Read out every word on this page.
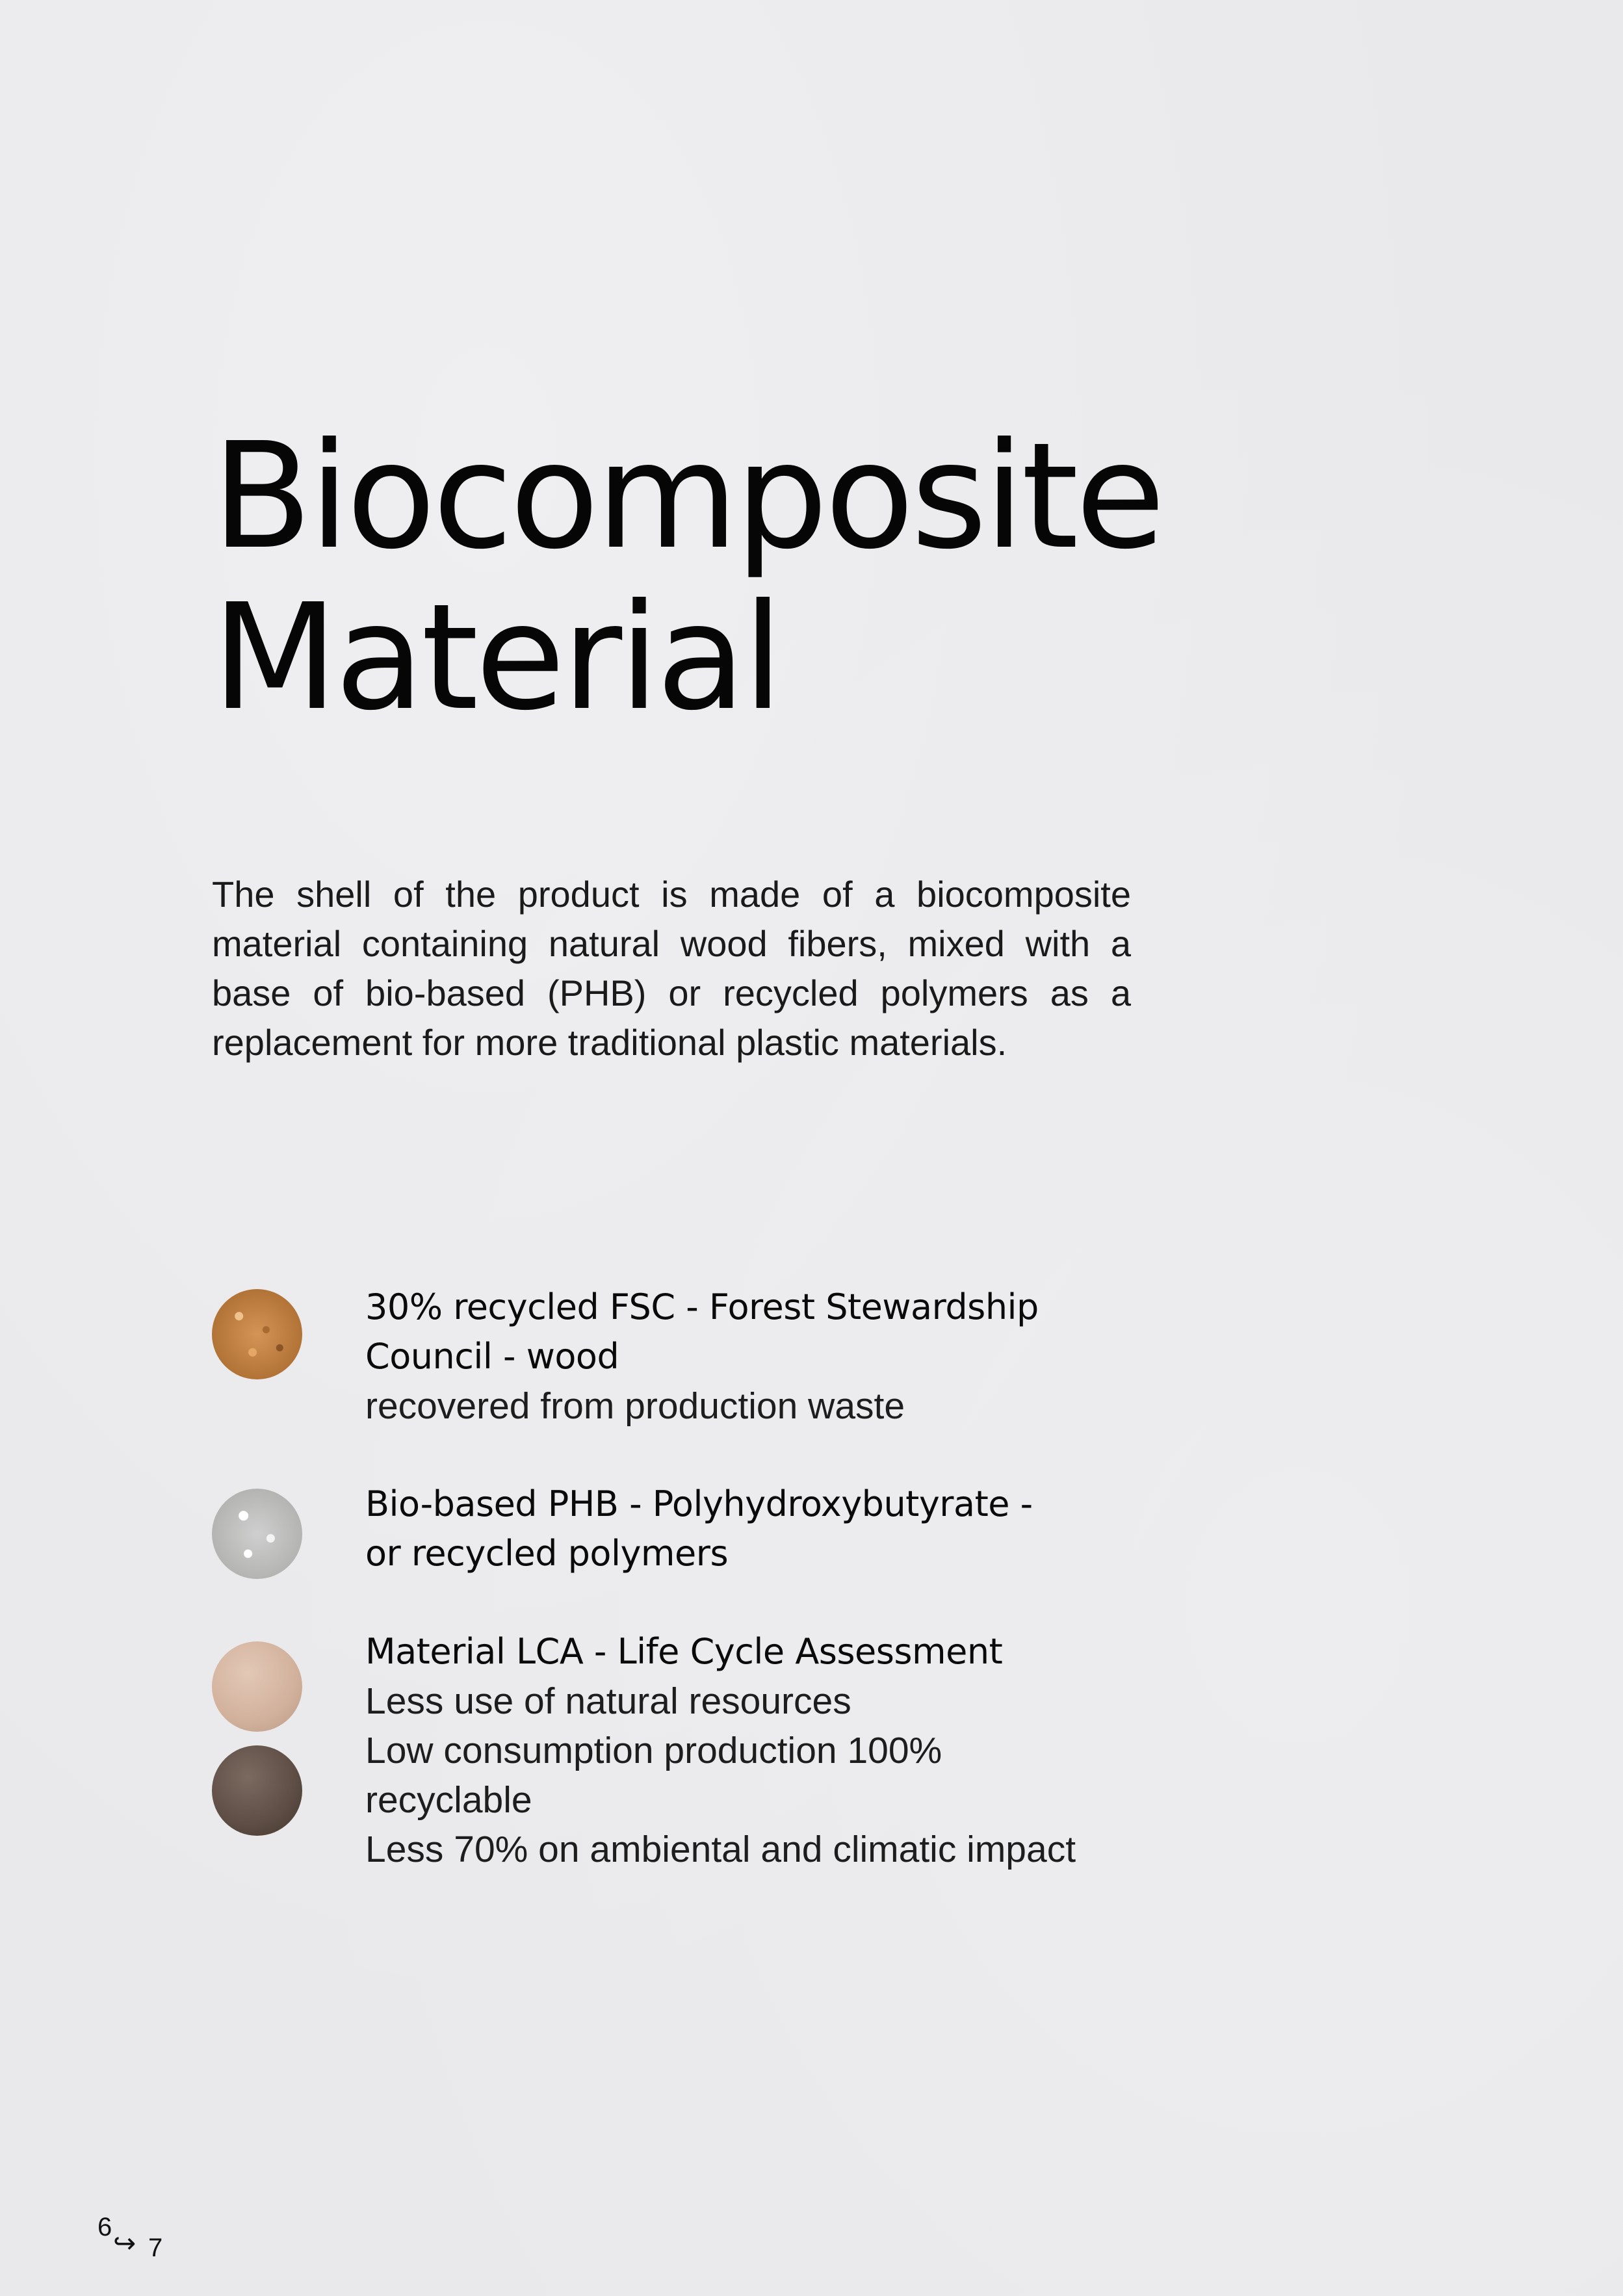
Biocomposite
Material

The shell of the product is made of a biocomposite material containing natural wood fibers, mixed with a base of bio-based (PHB) or recycled polymers as a replacement for more traditional plastic materials.

30% recycled FSC - Forest Stewardship
Council - wood
recovered from production waste
Bio-based PHB - Polyhydroxybutyrate -
or recycled polymers
Material LCA - Life Cycle Assessment
Less use of natural resources
Low consumption production 100%
recyclable
Less 70% on ambiental and climatic impact
6
↪ 7
